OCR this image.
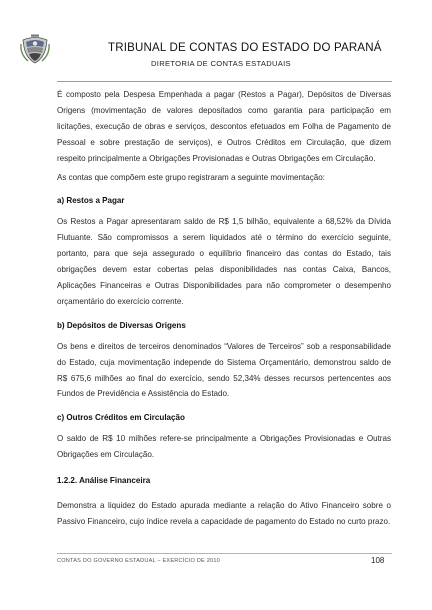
TRIBUNAL DE CONTAS DO ESTADO DO PARANÁ
DIRETORIA DE CONTAS ESTADUAIS

É composto pela Despesa Empenhada a pagar (Restos a Pagar), Depósitos de Diversas Origens (movimentação de valores depositados como garantia para participação em licitações, execução de obras e serviços, descontos efetuados em Folha de Pagamento de Pessoal e sobre prestação de serviços), e Outros Créditos em Circulação, que dizem respeito principalmente a Obrigações Provisionadas e Outras Obrigações em Circulação.

As contas que compõem este grupo registraram a seguinte movimentação:

a) Restos a Pagar

Os Restos a Pagar apresentaram saldo de R$ 1,5 bilhão, equivalente a 68,52% da Dívida Flutuante. São compromissos a serem liquidados até o término do exercício seguinte, portanto, para que seja assegurado o equilíbrio financeiro das contas do Estado, tais obrigações devem estar cobertas pelas disponibilidades nas contas Caixa, Bancos, Aplicações Financeiras e Outras Disponibilidades para não comprometer o desempenho orçamentário do exercício corrente.

b) Depósitos de Diversas Origens

Os bens e direitos de terceiros denominados “Valores de Terceiros” sob a responsabilidade do Estado, cuja movimentação independe do Sistema Orçamentário, demonstrou saldo de R$ 675,6 milhões ao final do exercício, sendo 52,34% desses recursos pertencentes aos Fundos de Previdência e Assistência do Estado.

c) Outros Créditos em Circulação

O saldo de R$ 10 milhões refere-se principalmente a Obrigações Provisionadas e Outras Obrigações em Circulação.

1.2.2. Análise Financeira

Demonstra a liquidez do Estado apurada mediante a relação do Ativo Financeiro sobre o Passivo Financeiro, cujo índice revela a capacidade de pagamento do Estado no curto prazo.

CONTAS DO GOVERNO ESTADUAL – EXERCÍCIO DE 2010	108
